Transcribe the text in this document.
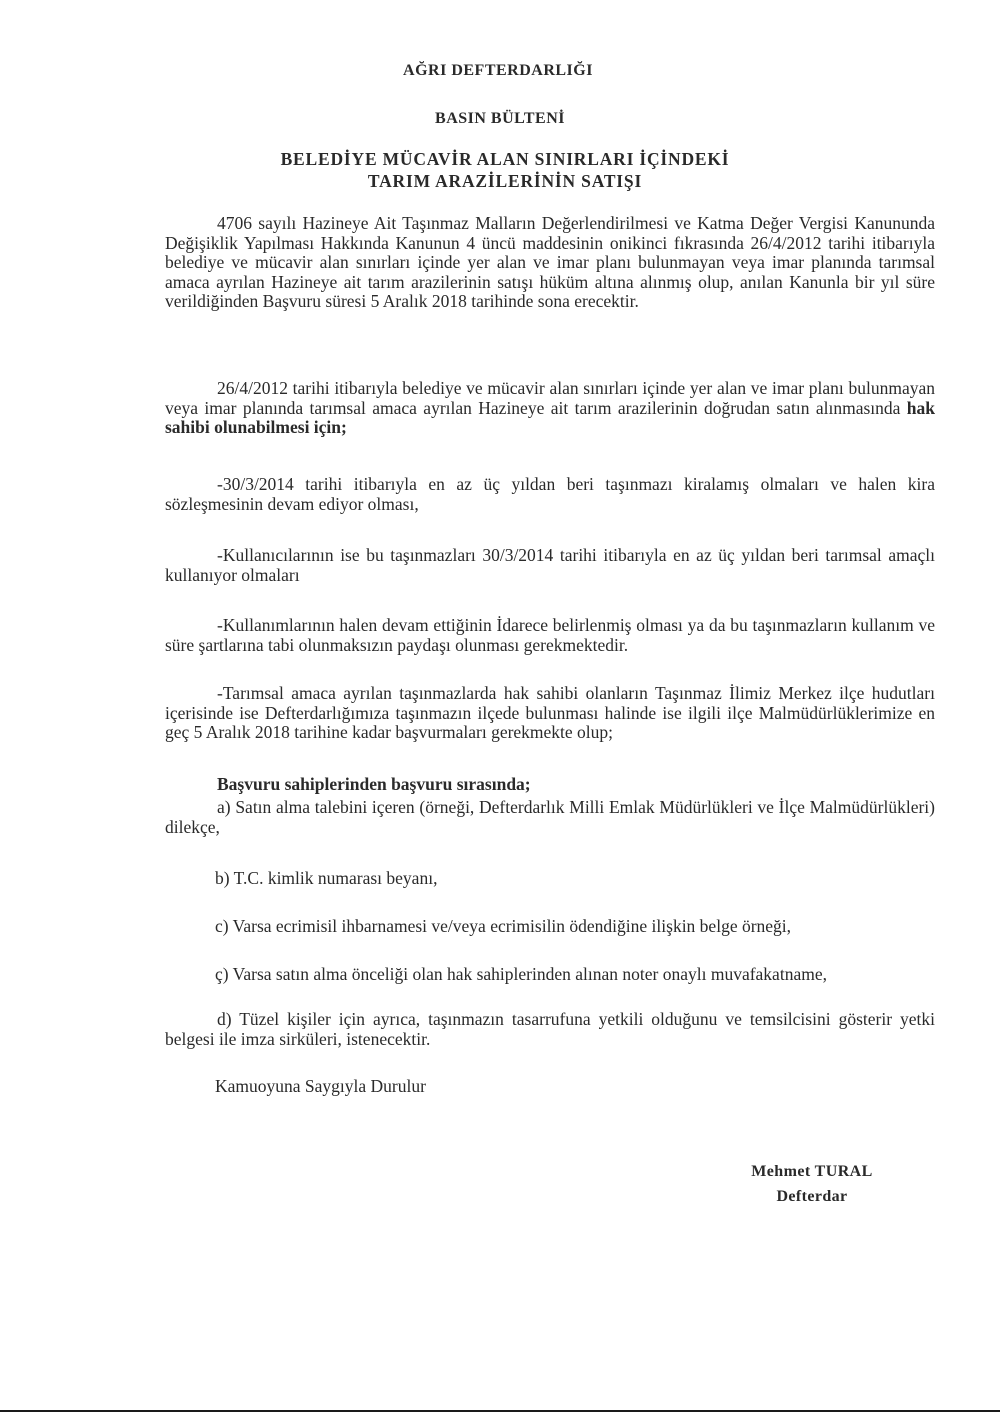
AĞRI DEFTERDARLIĞI
BASIN BÜLTENİ
BELEDİYE MÜCAVİR ALAN SINIRLARI İÇİNDEKİ
TARIM ARAZİLERİNİN SATIŞI

4706 sayılı Hazineye Ait Taşınmaz Malların Değerlendirilmesi ve Katma Değer Vergisi Kanununda Değişiklik Yapılması Hakkında Kanunun 4 üncü maddesinin onikinci fıkrasında 26/4/2012 tarihi itibarıyla belediye ve mücavir alan sınırları içinde yer alan ve imar planı bulunmayan veya imar planında tarımsal amaca ayrılan Hazineye ait tarım arazilerinin satışı hüküm altına alınmış olup, anılan Kanunla bir yıl süre verildiğinden Başvuru süresi 5 Aralık 2018 tarihinde sona erecektir.

26/4/2012 tarihi itibarıyla belediye ve mücavir alan sınırları içinde yer alan ve imar planı bulunmayan veya imar planında tarımsal amaca ayrılan Hazineye ait tarım arazilerinin doğrudan satın alınmasında hak sahibi olunabilmesi için;

-30/3/2014 tarihi itibarıyla en az üç yıldan beri taşınmazı kiralamış olmaları ve halen kira sözleşmesinin devam ediyor olması,

-Kullanıcılarının ise bu taşınmazları 30/3/2014 tarihi itibarıyla en az üç yıldan beri tarımsal amaçlı kullanıyor olmaları

-Kullanımlarının halen devam ettiğinin İdarece belirlenmiş olması ya da bu taşınmazların kullanım ve süre şartlarına tabi olunmaksızın paydaşı olunması gerekmektedir.

-Tarımsal amaca ayrılan taşınmazlarda hak sahibi olanların Taşınmaz İlimiz Merkez ilçe hudutları içerisinde ise Defterdarlığımıza taşınmazın ilçede bulunması halinde ise ilgili ilçe Malmüdürlüklerimize en geç 5 Aralık 2018 tarihine kadar başvurmaları gerekmekte olup;

Başvuru sahiplerinden başvuru sırasında;

a) Satın alma talebini içeren (örneği, Defterdarlık Milli Emlak Müdürlükleri ve İlçe Malmüdürlükleri) dilekçe,

b) T.C. kimlik numarası beyanı,

c) Varsa ecrimisil ihbarnamesi ve/veya ecrimisilin ödendiğine ilişkin belge örneği,

ç) Varsa satın alma önceliği olan hak sahiplerinden alınan noter onaylı muvafakatname,

d) Tüzel kişiler için ayrıca, taşınmazın tasarrufuna yetkili olduğunu ve temsilcisini gösterir yetki belgesi ile imza sirküleri, istenecektir.

Kamuoyuna Saygıyla Durulur

Mehmet TURAL
Defterdar
